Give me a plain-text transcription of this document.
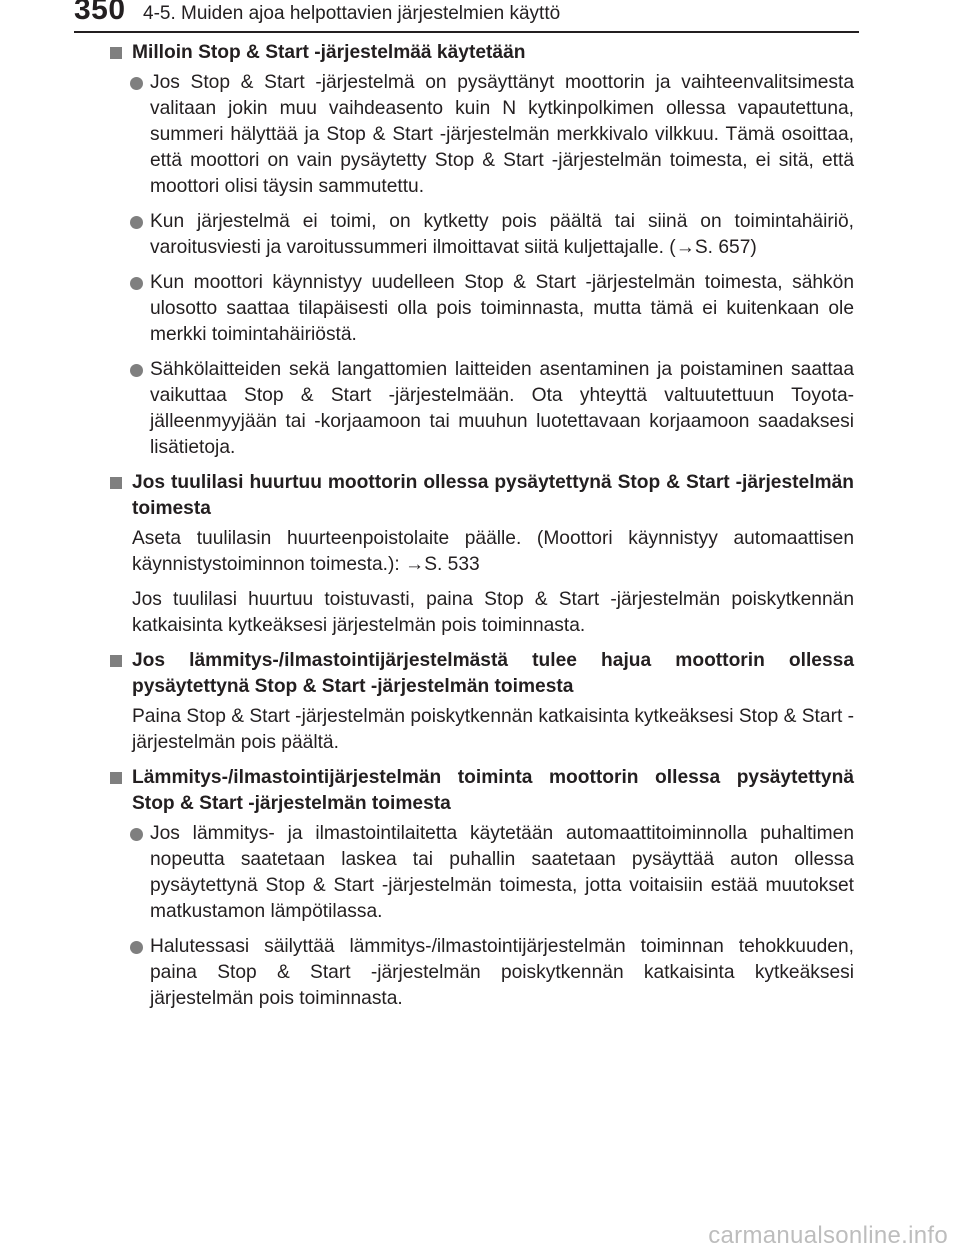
350 4-5. Muiden ajoa helpottavien järjestelmien käyttö
Milloin Stop & Start -järjestelmää käytetään
Jos Stop & Start -järjestelmä on pysäyttänyt moottorin ja vaihteenvalitsimesta valitaan jokin muu vaihdeasento kuin N kytkinpolkimen ollessa vapautettuna, summeri hälyttää ja Stop & Start -järjestelmän merkkivalo vilkkuu. Tämä osoittaa, että moottori on vain pysäytetty Stop & Start -järjestelmän toimesta, ei sitä, että moottori olisi täysin sammutettu.
Kun järjestelmä ei toimi, on kytketty pois päältä tai siinä on toimintahäiriö, varoitusviesti ja varoitussummeri ilmoittavat siitä kuljettajalle. (→S. 657)
Kun moottori käynnistyy uudelleen Stop & Start -järjestelmän toimesta, sähkön ulosotto saattaa tilapäisesti olla pois toiminnasta, mutta tämä ei kuitenkaan ole merkki toimintahäiriöstä.
Sähkölaitteiden sekä langattomien laitteiden asentaminen ja poistaminen saattaa vaikuttaa Stop & Start -järjestelmään. Ota yhteyttä valtuutettuun Toyota-jälleenmyyjään tai -korjaamoon tai muuhun luotettavaan korjaamoon saadaksesi lisätietoja.
Jos tuulilasi huurtuu moottorin ollessa pysäytettynä Stop & Start -järjestelmän toimesta
Aseta tuulilasin huurteenpoistolaite päälle. (Moottori käynnistyy automaattisen käynnistystoiminnon toimesta.): →S. 533
Jos tuulilasi huurtuu toistuvasti, paina Stop & Start -järjestelmän poiskytkennän katkaisinta kytkeäksesi järjestelmän pois toiminnasta.
Jos lämmitys-/ilmastointijärjestelmästä tulee hajua moottorin ollessa pysäytettynä Stop & Start -järjestelmän toimesta
Paina Stop & Start -järjestelmän poiskytkennän katkaisinta kytkeäksesi Stop & Start -järjestelmän pois päältä.
Lämmitys-/ilmastointijärjestelmän toiminta moottorin ollessa pysäytettynä Stop & Start -järjestelmän toimesta
Jos lämmitys- ja ilmastointilaitetta käytetään automaattitoiminnolla puhaltimen nopeutta saatetaan laskea tai puhallin saatetaan pysäyttää auton ollessa pysäytettynä Stop & Start -järjestelmän toimesta, jotta voitaisiin estää muutokset matkustamon lämpötilassa.
Halutessasi säilyttää lämmitys-/ilmastointijärjestelmän toiminnan tehokkuuden, paina Stop & Start -järjestelmän poiskytkennän katkaisinta kytkeäksesi järjestelmän pois toiminnasta.
carmanualsonline.info
